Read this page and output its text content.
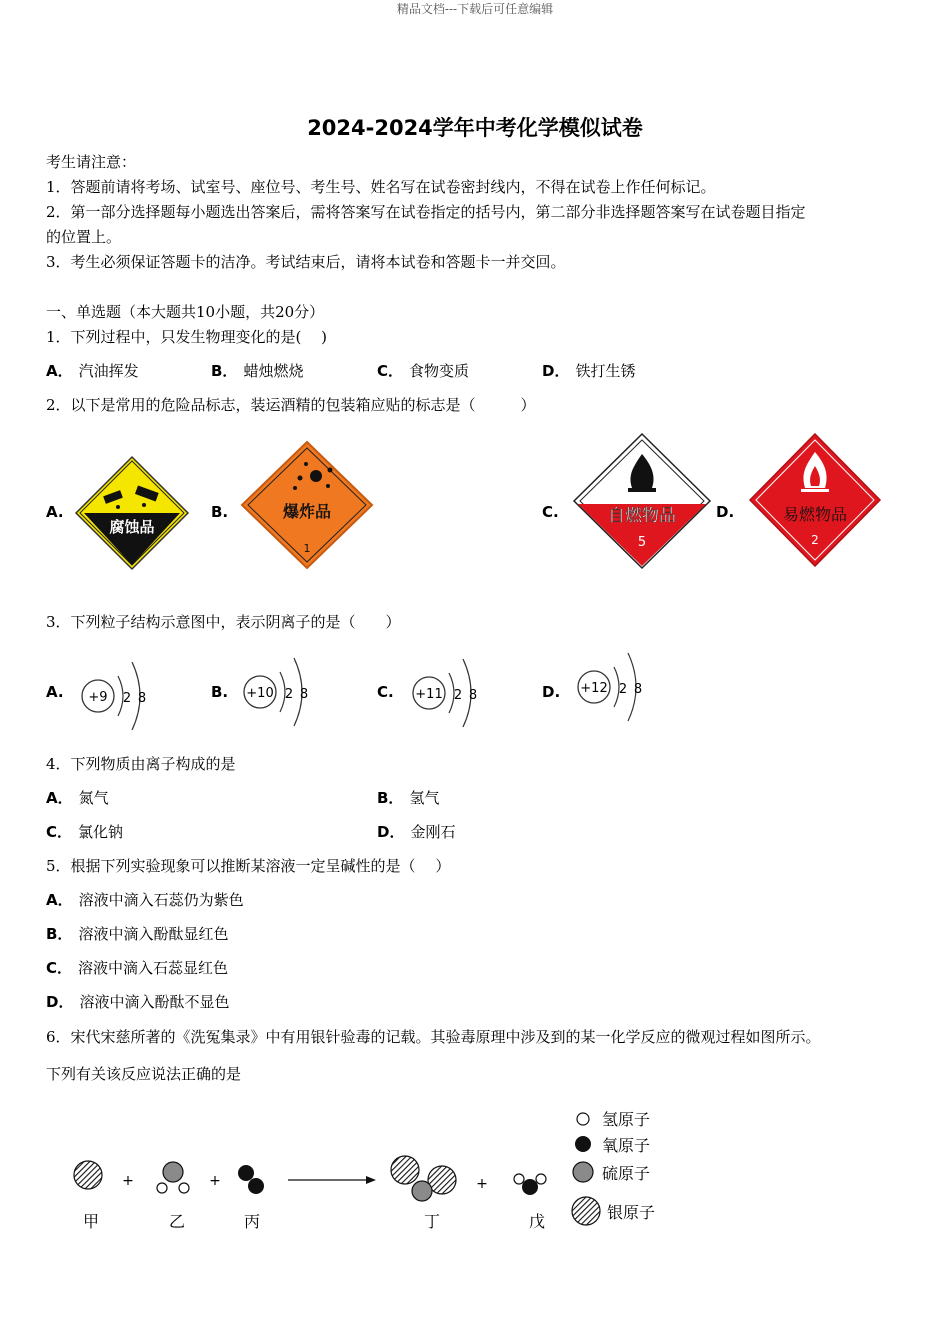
精品文档---下载后可任意编辑
2024-2024学年中考化学模似试卷
考生请注意：
1．答题前请将考场、试室号、座位号、考生号、姓名写在试卷密封线内，不得在试卷上作任何标记。
2．第一部分选择题每小题选出答案后，需将答案写在试卷指定的括号内，第二部分非选择题答案写在试卷题目指定
的位置上。
3．考生必须保证答题卡的洁净。考试结束后，请将本试卷和答题卡一并交回。
一、单选题（本大题共10小题，共20分）
1．下列过程中，只发生物理变化的是(　 )
A． 汽油挥发	B． 蜡烛燃烧	C． 食物变质	D． 铁打生锈
2．以下是常用的危险品标志，装运酒精的包装箱应贴的标志是（　　　）
A.	B.	C.	D.
腐蚀品
爆炸品
1
自燃物品
5
易燃物品
2
3．下列粒子结构示意图中，表示阴离子的是（　　）
A.	B.	C.	D.
+9 2 8	+10 2 8	+11 2 8	+12 2 8
4．下列物质由离子构成的是
A． 氮气	B． 氢气
C． 氯化钠	D． 金刚石
5．根据下列实验现象可以推断某溶液一定呈碱性的是（　 ）
A． 溶液中滴入石蕊仍为紫色
B． 溶液中滴入酚酞显红色
C． 溶液中滴入石蕊显红色
D． 溶液中滴入酚酞不显色
6．宋代宋慈所著的《洗冤集录》中有用银针验毒的记载。其验毒原理中涉及到的某一化学反应的微观过程如图所示。
下列有关该反应说法正确的是
+	+	+
甲	乙	丙	丁	戊
氢原子
氧原子
硫原子
银原子
